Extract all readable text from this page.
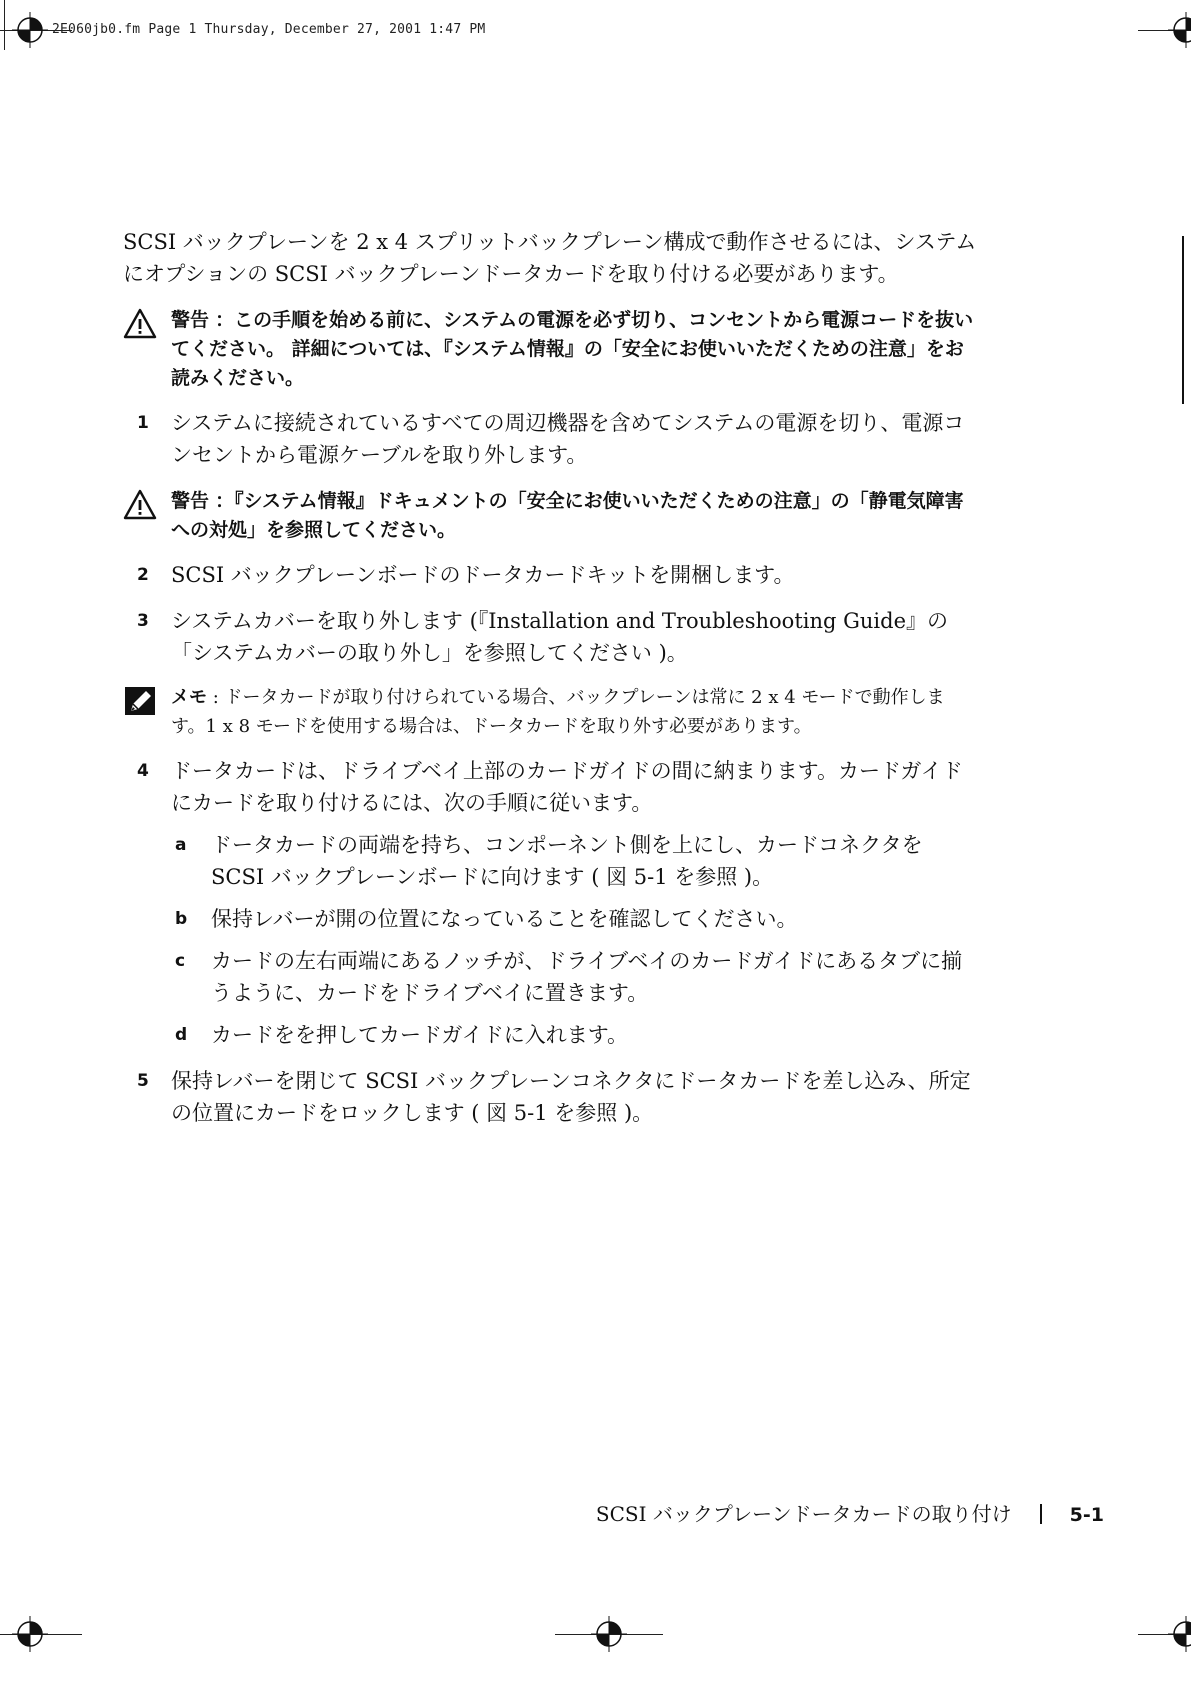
2E060jb0.fm Page 1 Thursday, December 27, 2001 1:47 PM

SCSI バックプレーンを 2 x 4 スプリットバックプレーン構成で動作させるには、システムにオプションの SCSI バックプレーンドータカードを取り付ける必要があります。

警告 ：この手順を始める前に、システムの電源を必ず切り、コンセントから電源コードを抜いてください。 詳細については、『システム情報』の「安全にお使いいただくための注意」をお読みください。
1 システムに接続されているすべての周辺機器を含めてシステムの電源を切り、電源コンセントから電源ケーブルを取り外します。
警告 ：『システム情報』ドキュメントの「安全にお使いいただくための注意」の「静電気障害への対処」を参照してください。
2 SCSI バックプレーンボードのドータカードキットを開梱します。
3 システムカバーを取り外します (『Installation and Troubleshooting Guide』の「システムカバーの取り外し」を参照してください )。
メモ : ドータカードが取り付けられている場合、バックプレーンは常に 2 x 4 モードで動作します。1 x 8 モードを使用する場合は、ドータカードを取り外す必要があります。
4 ドータカードは、ドライブベイ上部のカードガイドの間に納まります。カードガイドにカードを取り付けるには、次の手順に従います。
a ドータカードの両端を持ち、コンポーネント側を上にし、カードコネクタを SCSI バックプレーンボードに向けます ( 図 5-1 を参照 )。
b 保持レバーが開の位置になっていることを確認してください。
c カードの左右両端にあるノッチが、ドライブベイのカードガイドにあるタブに揃うように、カードをドライブベイに置きます。
d カードをを押してカードガイドに入れます。
5 保持レバーを閉じて SCSI バックプレーンコネクタにドータカードを差し込み、所定の位置にカードをロックします ( 図 5-1 を参照 )。
SCSI バックプレーンドータカードの取り付け	5-1
